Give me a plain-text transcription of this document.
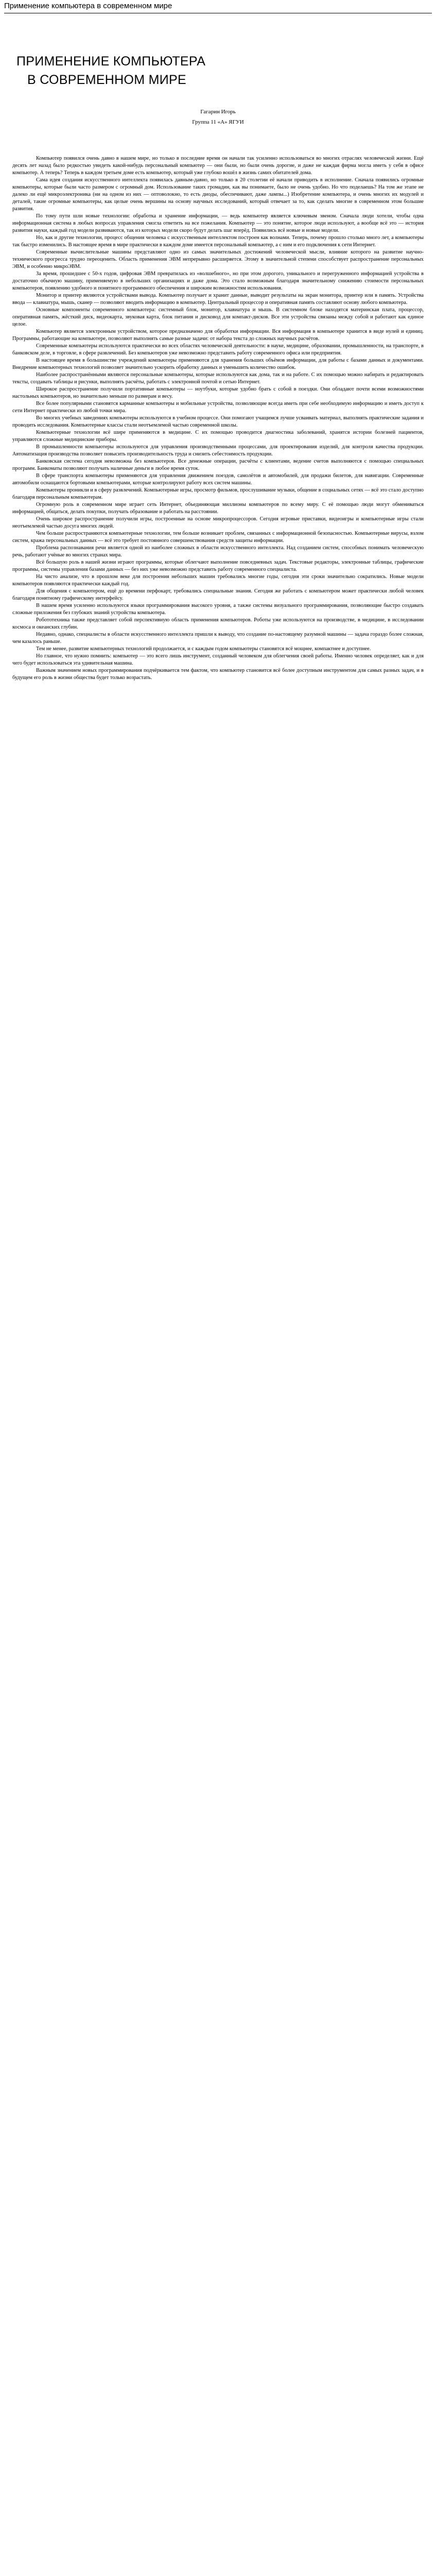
Применение компьютера в современном мире
ПРИМЕНЕНИЕ КОМПЬЮТЕРА
В СОВРЕМЕННОМ МИРЕ
Гагарин Игорь
Группа 11 «А» ЯГУИ

Компьютер появился очень давно в нашем мире, но только в последние время он начали так усиленно использоваться во многих отраслях человеческой жизни. Ещё десять лет назад было редкостью увидеть какой-нибудь персональный компьютер — они были, но были очень дорогие, и даже не каждая фирма могла иметь у себя в офисе компьютер. А теперь? Теперь в каждом третьем доме есть компьютер, который уже глубоко вошёл в жизнь самих обитателей дома.

Сама идея создания искусственного интеллекта появилась давным-давно, но только в 20 столетии её начали приводить в исполнение. Сначала появились огромные компьютеры, которые были часто размером с огромный дом. Использование таких громадин, как вы понимаете, было не очень удобно. Но что поделаешь? На том же этапе не далеко ли ещё микроэлектроника (ни на одном из них — оптоволокно, то есть диоды, обеспечивают, даже лампы...) Изобретение компьютера, и очень многих их модулей и деталей, такие огромные компьютеры, как целые очень вершины на основу научных исследований, который отвечает за то, как сделать многие в современном этом большие развития.

По тому пути шли новые технологии: обработка и хранение информации, — ведь компьютер является ключевым звеном. Сначала люди хотели, чтобы одна информационная система в любых вопросах управления смогла ответить на все пожелания. Компьютер — это понятие, которое люди используют, а вообще всё это — история развития науки, каждый год модели развиваются, так из которых модели скоро будут делать шаг вперёд. Появились всё новые и новые модели.

Но, как и другие технологии, процесс общения человека с искусственным интеллектом построен как волнами. Теперь, почему прошло столько много лет, а компьютеры так быстро изменились. В настоящее время в мире практически в каждом доме имеется персональный компьютер, а с ним и его подключения к сети Интернет.

Современные вычислительные машины представляют одно из самых значительных достижений человеческой мысли, влияние которого на развитие научно-технического прогресса трудно переоценить. Область применения ЭВМ непрерывно расширяется. Этому в значительной степени способствует распространение персональных ЭВМ, и особенно микроЭВМ.

За время, прошедшее с 50-х годов, цифровая ЭВМ превратилась из «волшебного», но при этом дорогого, уникального и перегруженного информацией устройства в достаточно обычную машину, применяемую в небольших организациях и даже дома. Это стало возможным благодаря значительному снижению стоимости персональных компьютеров, появлению удобного и понятного программного обеспечения и широким возможностям использования.

Монитор и принтер являются устройствами вывода. Компьютер получает и хранит данные, выводит результаты на экран монитора, принтер или в память. Устройства ввода — клавиатура, мышь, сканер — позволяют вводить информацию в компьютер. Центральный процессор и оперативная память составляют основу любого компьютера.

Основные компоненты современного компьютера: системный блок, монитор, клавиатура и мышь. В системном блоке находятся материнская плата, процессор, оперативная память, жёсткий диск, видеокарта, звуковая карта, блок питания и дисковод для компакт-дисков. Все эти устройства связаны между собой и работают как единое целое.

Компьютер является электронным устройством, которое предназначено для обработки информации. Вся информация в компьютере хранится в виде нулей и единиц. Программы, работающие на компьютере, позволяют выполнять самые разные задачи: от набора текста до сложных научных расчётов.

Современные компьютеры используются практически во всех областях человеческой деятельности: в науке, медицине, образовании, промышленности, на транспорте, в банковском деле, в торговле, в сфере развлечений. Без компьютеров уже невозможно представить работу современного офиса или предприятия.

В настоящее время в большинстве учреждений компьютеры применяются для хранения больших объёмов информации, для работы с базами данных и документами. Внедрение компьютерных технологий позволяет значительно ускорить обработку данных и уменьшить количество ошибок.

Наиболее распространёнными являются персональные компьютеры, которые используются как дома, так и на работе. С их помощью можно набирать и редактировать тексты, создавать таблицы и рисунки, выполнять расчёты, работать с электронной почтой и сетью Интернет.

Широкое распространение получили портативные компьютеры — ноутбуки, которые удобно брать с собой в поездки. Они обладают почти всеми возможностями настольных компьютеров, но значительно меньше по размерам и весу.

Все более популярными становятся карманные компьютеры и мобильные устройства, позволяющие всегда иметь при себе необходимую информацию и иметь доступ к сети Интернет практически из любой точки мира.

Во многих учебных заведениях компьютеры используются в учебном процессе. Они помогают учащимся лучше усваивать материал, выполнять практические задания и проводить исследования. Компьютерные классы стали неотъемлемой частью современной школы.

Компьютерные технологии всё шире применяются в медицине. С их помощью проводится диагностика заболеваний, хранятся истории болезней пациентов, управляются сложные медицинские приборы.

В промышленности компьютеры используются для управления производственными процессами, для проектирования изделий, для контроля качества продукции. Автоматизация производства позволяет повысить производительность труда и снизить себестоимость продукции.

Банковская система сегодня невозможна без компьютеров. Все денежные операции, расчёты с клиентами, ведение счетов выполняются с помощью специальных программ. Банкоматы позволяют получать наличные деньги в любое время суток.

В сфере транспорта компьютеры применяются для управления движением поездов, самолётов и автомобилей, для продажи билетов, для навигации. Современные автомобили оснащаются бортовыми компьютерами, которые контролируют работу всех систем машины.

Компьютеры проникли и в сферу развлечений. Компьютерные игры, просмотр фильмов, прослушивание музыки, общение в социальных сетях — всё это стало доступно благодаря персональным компьютерам.

Огромную роль в современном мире играет сеть Интернет, объединяющая миллионы компьютеров по всему миру. С её помощью люди могут обмениваться информацией, общаться, делать покупки, получать образование и работать на расстоянии.

Очень широкое распространение получили игры, построенные на основе микропроцессоров. Сегодня игровые приставки, видеоигры и компьютерные игры стали неотъемлемой частью досуга многих людей.

Чем больше распространяются компьютерные технологии, тем больше возникает проблем, связанных с информационной безопасностью. Компьютерные вирусы, взлом систем, кража персональных данных — всё это требует постоянного совершенствования средств защиты информации.

Проблема распознавания речи является одной из наиболее сложных в области искусственного интеллекта. Над созданием систем, способных понимать человеческую речь, работают учёные во многих странах мира.

Всё большую роль в нашей жизни играют программы, которые облегчают выполнение повседневных задач. Текстовые редакторы, электронные таблицы, графические программы, системы управления базами данных — без них уже невозможно представить работу современного специалиста.

На чисто анализе, что в прошлом веке для построения небольших машин требовались многие годы, сегодня эти сроки значительно сократились. Новые модели компьютеров появляются практически каждый год.

Для общения с компьютером, ещё до времени перфокарт, требовались специальные знания. Сегодня же работать с компьютером может практически любой человек благодаря понятному графическому интерфейсу.

В нашем время усиленно используются языки программирования высокого уровня, а также системы визуального программирования, позволяющие быстро создавать сложные приложения без глубоких знаний устройства компьютера.

Робототехника также представляет собой перспективную область применения компьютеров. Роботы уже используются на производстве, в медицине, в исследовании космоса и океанских глубин.

Недавно, однако, специалисты в области искусственного интеллекта пришли к выводу, что создание по-настоящему разумной машины — задача гораздо более сложная, чем казалось раньше.

Тем не менее, развитие компьютерных технологий продолжается, и с каждым годом компьютеры становятся всё мощнее, компактнее и доступнее.

Но главное, что нужно помнить: компьютер — это всего лишь инструмент, созданный человеком для облегчения своей работы. Именно человек определяет, как и для чего будет использоваться эта удивительная машина.

Важным значением новых программирования подчёркивается тем фактом, что компьютер становится всё более доступным инструментом для самых разных задач, и в будущем его роль в жизни общества будет только возрастать.
